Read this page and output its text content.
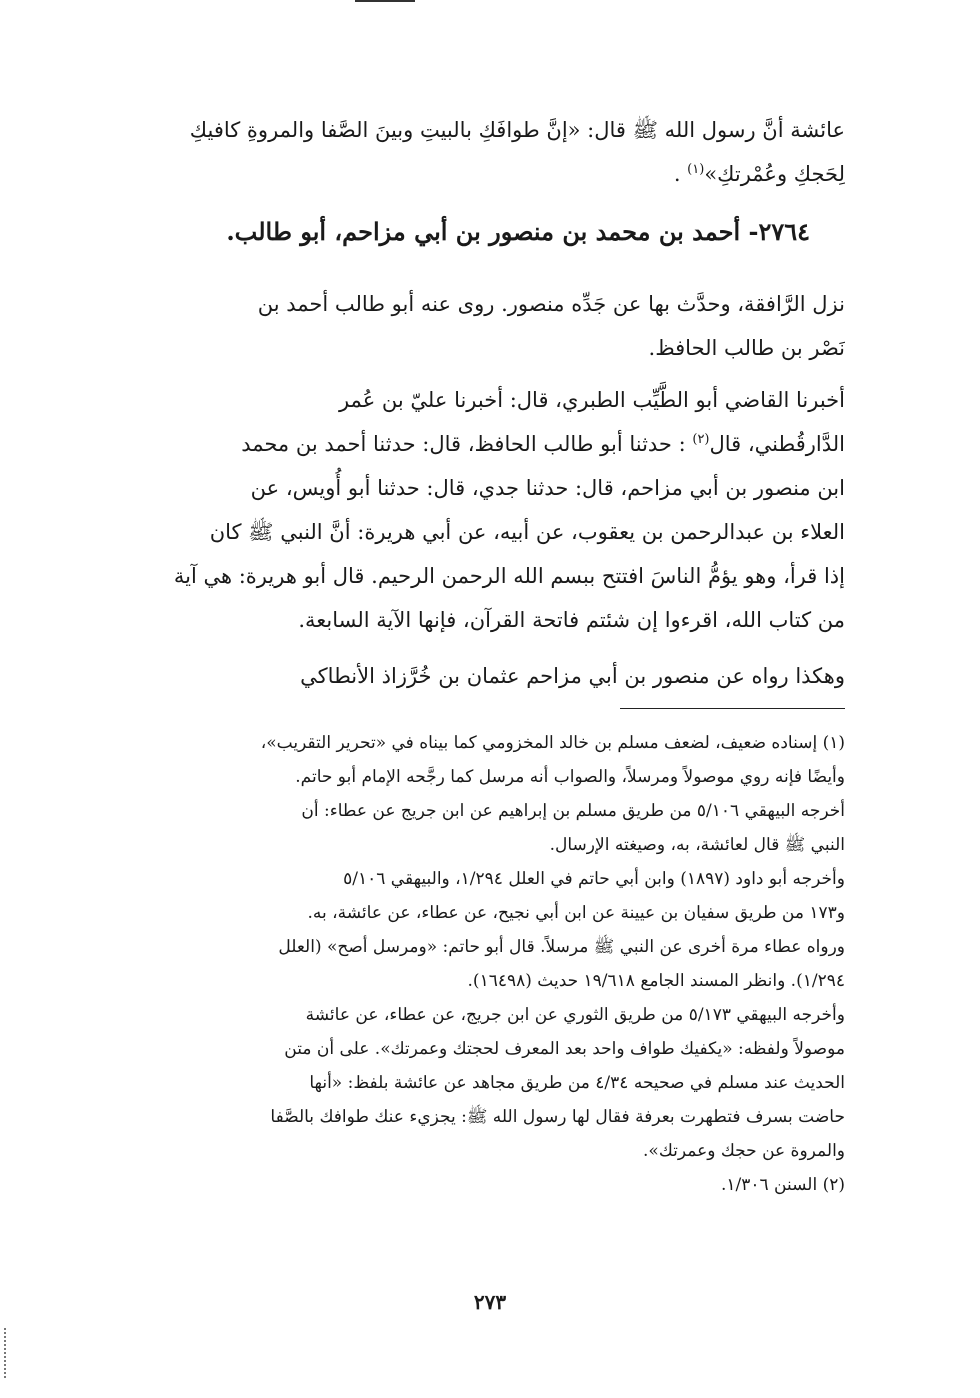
عائشة أنَّ رسول الله ﷺ قال: «إنَّ طوافَكِ بالبيتِ وبينَ الصَّفا والمروةِ كافيكِ
لِحَجكِ وعُمْرتكِ»$^{(١)}$ .
٢٧٦٤- أحمد بن محمد بن منصور بن أبي مزاحم، أبو طالب.
نزل الرَّافقة، وحدَّث بها عن جَدِّه منصور. روى عنه أبو طالب أحمد بن
نَصْر بن طالب الحافظ.
أخبرنا القاضي أبو الطَّيِّب الطبري، قال: أخبرنا عليّ بن عُمر
الدَّارقُطني، قال$^{(٢)}$ : حدثنا أبو طالب الحافظ، قال: حدثنا أحمد بن محمد
ابن منصور بن أبي مزاحم، قال: حدثنا جدي، قال: حدثنا أبو أُويس، عن
العلاء بن عبدالرحمن بن يعقوب، عن أبيه، عن أبي هريرة: أنَّ النبي ﷺ كان
إذا قرأ، وهو يؤمُّ الناسَ افتتح ببسم الله الرحمن الرحيم. قال أبو هريرة: هي آية
من كتاب الله، اقرءوا إن شئتم فاتحة القرآن، فإنها الآية السابعة.
وهكذا رواه عن منصور بن أبي مزاحم عثمان بن خُرَّزاذ الأنطاكي
(١) إسناده ضعيف، لضعف مسلم بن خالد المخزومي كما بيناه في «تحرير التقريب»،
وأيضًا فإنه روي موصولاً ومرسلاً، والصواب أنه مرسل كما رجَّحه الإمام أبو حاتم.
أخرجه البيهقي ٥/١٠٦ من طريق مسلم بن إبراهيم عن ابن جريج عن عطاء: أن
النبي ﷺ قال لعائشة، به، وصيغته الإرسال.
وأخرجه أبو داود (١٨٩٧) وابن أبي حاتم في العلل ١/٢٩٤، والبيهقي ٥/١٠٦
و١٧٣ من طريق سفيان بن عيينة عن ابن أبي نجيح، عن عطاء، عن عائشة، به.
ورواه عطاء مرة أخرى عن النبي ﷺ مرسلاً. قال أبو حاتم: «ومرسل أصح» (العلل
١/٢٩٤). وانظر المسند الجامع ١٩/٦١٨ حديث (١٦٤٩٨).
وأخرجه البيهقي ٥/١٧٣ من طريق الثوري عن ابن جريج، عن عطاء، عن عائشة
موصولاً ولفظه: «يكفيك طواف واحد بعد المعرف لحجتك وعمرتك». على أن متن
الحديث عند مسلم في صحيحه ٤/٣٤ من طريق مجاهد عن عائشة بلفظ: «أنها
حاضت بسرف فتطهرت بعرفة فقال لها رسول الله ﷺ: يجزيء عنك طوافك بالصَّفا
والمروة عن حجك وعمرتك».
(٢) السنن ١/٣٠٦.
٢٧٣
